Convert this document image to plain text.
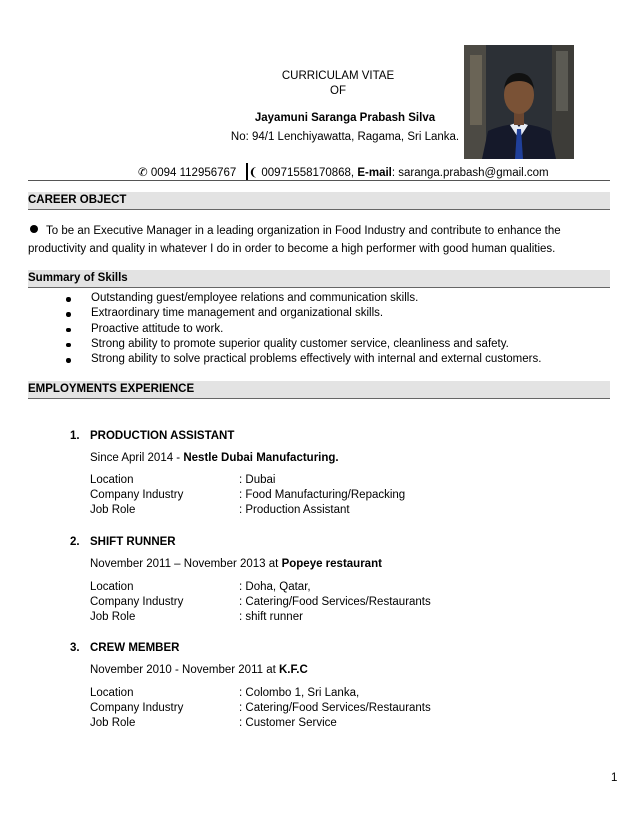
CURRICULAM VITAE
OF
Jayamuni Saranga Prabash Silva
No: 94/1 Lenchiyawatta, Ragama, Sri Lanka.
✆ 0094 112956767 ❨ 00971558170868, E-mail: saranga.prabash@gmail.com
CAREER OBJECT
To be an Executive Manager in a leading organization in Food Industry and contribute to enhance the productivity and quality in whatever I do in order to become a high performer with good human qualities.
Summary of Skills
Outstanding guest/employee relations and communication skills.
Extraordinary time management and organizational skills.
Proactive attitude to work.
Strong ability to promote superior quality customer service, cleanliness and safety.
Strong ability to solve practical problems effectively with internal and external customers.
EMPLOYMENTS EXPERIENCE
1. PRODUCTION ASSISTANT
Since April 2014 - Nestle Dubai Manufacturing.
Location	: Dubai
Company Industry	: Food Manufacturing/Repacking
Job Role	: Production Assistant
2. SHIFT RUNNER
November 2011 – November 2013 at Popeye restaurant
Location	: Doha, Qatar,
Company Industry	: Catering/Food Services/Restaurants
Job Role	: shift runner
3. CREW MEMBER
November 2010 - November 2011 at K.F.C
Location	: Colombo 1, Sri Lanka,
Company Industry	: Catering/Food Services/Restaurants
Job Role	: Customer Service
1
